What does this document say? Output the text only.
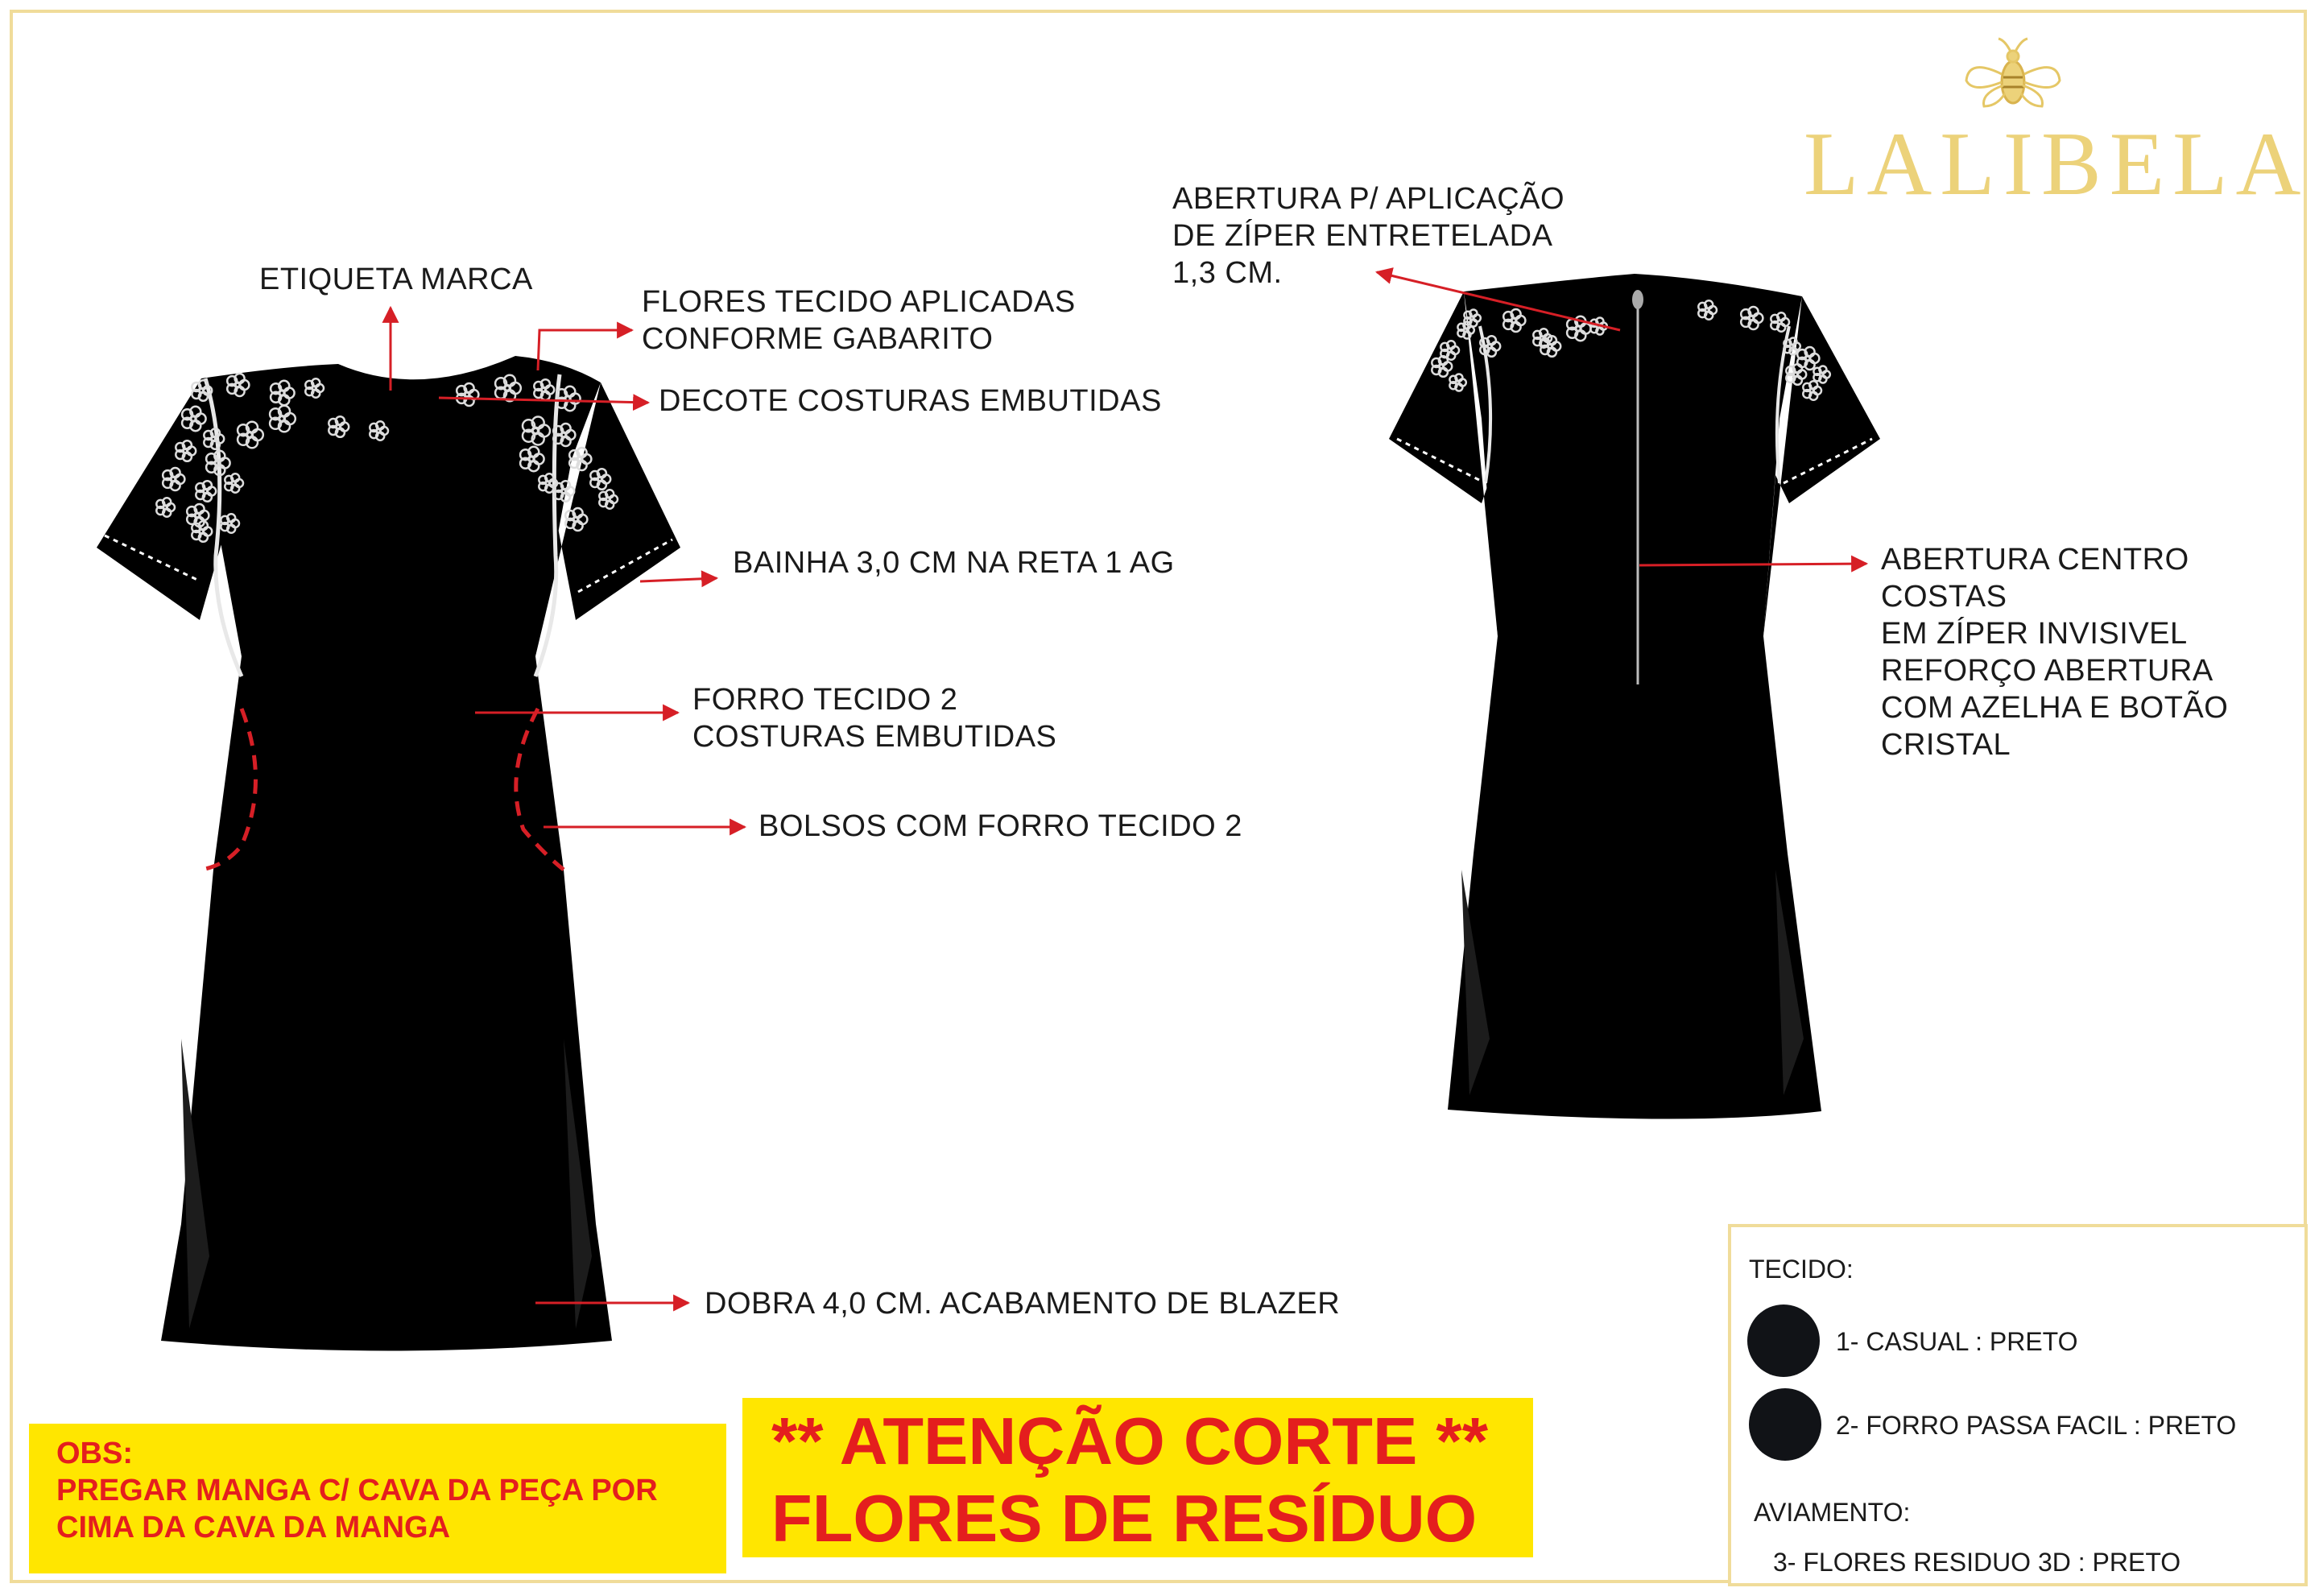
LALIBELA
ETIQUETA MARCA
FLORES TECIDO APLICADAS
CONFORME GABARITO
DECOTE COSTURAS EMBUTIDAS
BAINHA 3,0 CM NA RETA 1 AG
FORRO TECIDO 2
COSTURAS EMBUTIDAS
BOLSOS COM FORRO TECIDO 2
DOBRA 4,0 CM. ACABAMENTO DE BLAZER
ABERTURA P/ APLICAÇÃO
DE ZÍPER ENTRETELADA
1,3 CM.
ABERTURA CENTRO
COSTAS
EM ZÍPER INVISIVEL
REFORÇO ABERTURA
COM AZELHA E BOTÃO
CRISTAL
OBS:
PREGAR MANGA C/ CAVA DA PEÇA POR
CIMA DA CAVA DA MANGA
** ATENÇÃO CORTE **
FLORES DE RESÍDUO
TECIDO:
1- CASUAL : PRETO
2- FORRO PASSA FACIL : PRETO
AVIAMENTO:
3- FLORES RESIDUO 3D : PRETO
